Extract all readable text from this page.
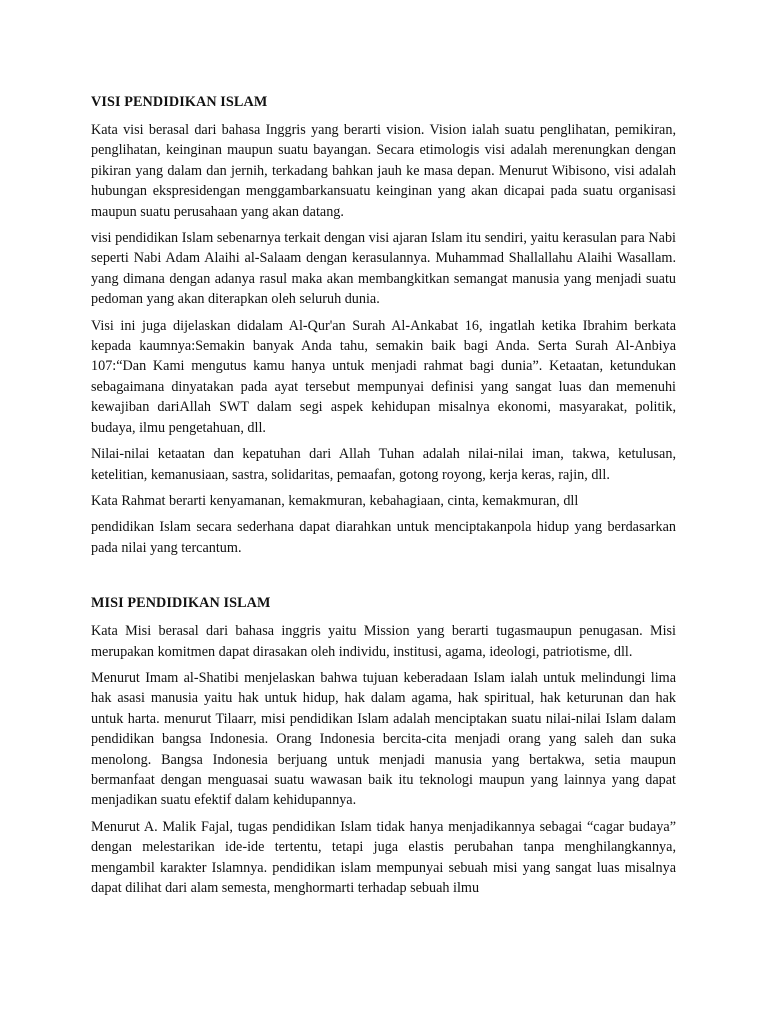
VISI PENDIDIKAN ISLAM

Kata visi berasal dari bahasa Inggris yang berarti vision. Vision ialah suatu penglihatan, pemikiran, penglihatan, keinginan maupun suatu bayangan. Secara etimologis visi adalah merenungkan dengan pikiran yang dalam dan jernih, terkadang bahkan jauh ke masa depan. Menurut Wibisono, visi adalah hubungan ekspresidengan menggambarkansuatu keinginan yang akan dicapai pada suatu organisasi maupun suatu perusahaan yang akan datang.

visi pendidikan Islam sebenarnya terkait dengan visi ajaran Islam itu sendiri, yaitu kerasulan para Nabi seperti Nabi Adam Alaihi al-Salaam dengan kerasulannya. Muhammad Shallallahu Alaihi Wasallam. yang dimana dengan adanya rasul maka akan membangkitkan semangat manusia yang menjadi suatu pedoman yang akan diterapkan oleh seluruh dunia.

Visi ini juga dijelaskan didalam Al-Qur'an Surah Al-Ankabat 16, ingatlah ketika Ibrahim berkata kepada kaumnya:Semakin banyak Anda tahu, semakin baik bagi Anda. Serta Surah Al-Anbiya 107:“Dan Kami mengutus kamu hanya untuk menjadi rahmat bagi dunia”. Ketaatan, ketundukan sebagaimana dinyatakan pada ayat tersebut mempunyai definisi yang sangat luas dan memenuhi kewajiban dariAllah SWT dalam segi aspek kehidupan misalnya ekonomi, masyarakat, politik, budaya, ilmu pengetahuan, dll.

Nilai-nilai ketaatan dan kepatuhan dari Allah Tuhan adalah nilai-nilai iman, takwa, ketulusan, ketelitian, kemanusiaan, sastra, solidaritas, pemaafan, gotong royong, kerja keras, rajin, dll.

Kata Rahmat berarti kenyamanan, kemakmuran, kebahagiaan, cinta, kemakmuran, dll

pendidikan Islam secara sederhana dapat diarahkan untuk menciptakanpola hidup yang berdasarkan pada nilai yang tercantum.

MISI PENDIDIKAN ISLAM

Kata Misi berasal dari bahasa inggris yaitu Mission yang berarti tugasmaupun penugasan. Misi merupakan komitmen dapat dirasakan oleh individu, institusi, agama, ideologi, patriotisme, dll.

Menurut Imam al-Shatibi menjelaskan bahwa tujuan keberadaan Islam ialah untuk melindungi lima hak asasi manusia yaitu hak untuk hidup, hak dalam agama, hak spiritual, hak keturunan dan hak untuk harta. menurut Tilaarr, misi pendidikan Islam adalah menciptakan suatu nilai-nilai Islam dalam pendidikan bangsa Indonesia. Orang Indonesia bercita-cita menjadi orang yang saleh dan suka menolong. Bangsa Indonesia berjuang untuk menjadi manusia yang bertakwa, setia maupun bermanfaat dengan menguasai suatu wawasan baik itu teknologi maupun yang lainnya yang dapat menjadikan suatu efektif dalam kehidupannya.

Menurut A. Malik Fajal, tugas pendidikan Islam tidak hanya menjadikannya sebagai “cagar budaya” dengan melestarikan ide-ide tertentu, tetapi juga elastis perubahan tanpa menghilangkannya, mengambil karakter Islamnya. pendidikan islam mempunyai sebuah misi yang sangat luas misalnya dapat dilihat dari alam semesta, menghormarti terhadap sebuah ilmu
